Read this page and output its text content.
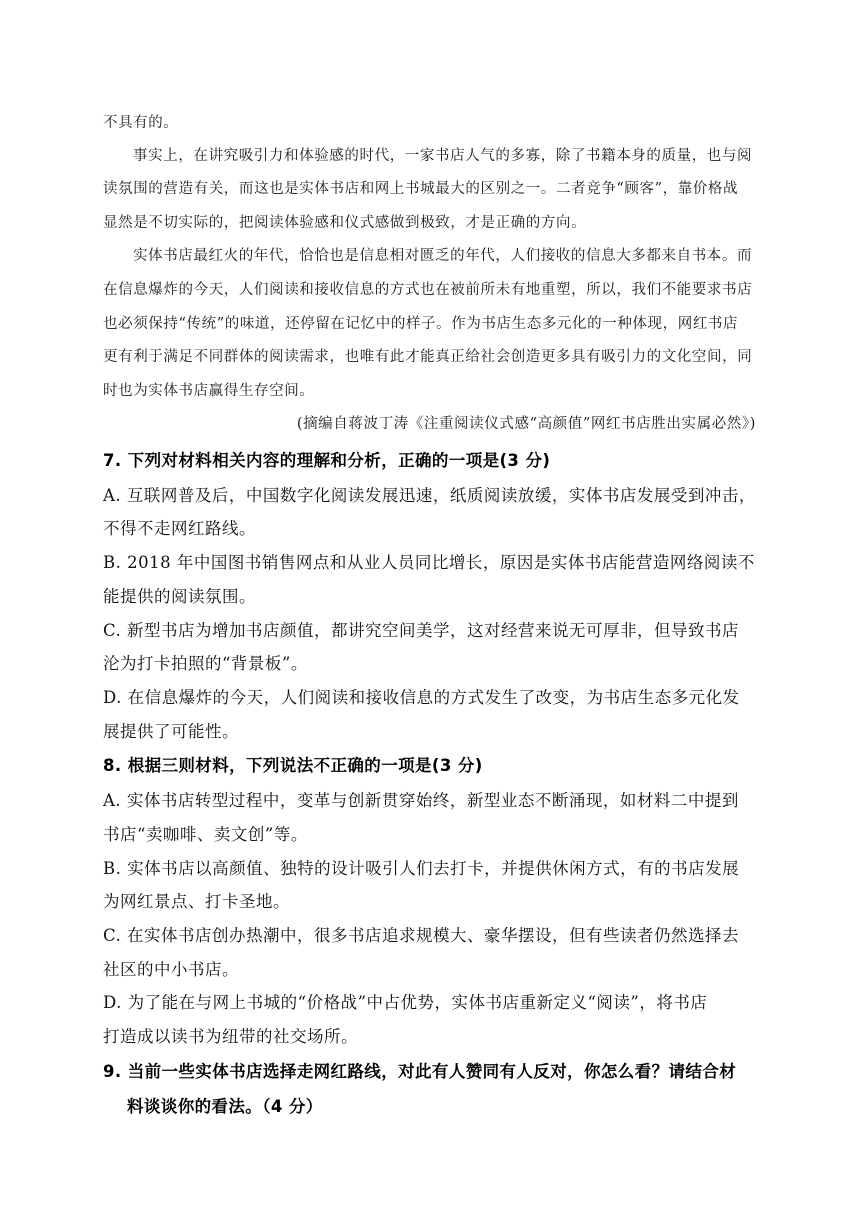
不具有的。
事实上，在讲究吸引力和体验感的时代，一家书店人气的多寡，除了书籍本身的质量，也与阅
读氛围的营造有关，而这也是实体书店和网上书城最大的区别之一。二者竞争“顾客”，靠价格战
显然是不切实际的，把阅读体验感和仪式感做到极致，才是正确的方向。
实体书店最红火的年代，恰恰也是信息相对匮乏的年代，人们接收的信息大多都来自书本。而
在信息爆炸的今天，人们阅读和接收信息的方式也在被前所未有地重塑，所以，我们不能要求书店
也必须保持“传统”的味道，还停留在记忆中的样子。作为书店生态多元化的一种体现，网红书店
更有利于满足不同群体的阅读需求，也唯有此才能真正给社会创造更多具有吸引力的文化空间，同
时也为实体书店赢得生存空间。
(摘编自蒋波丁涛《注重阅读仪式感“高颜值”网红书店胜出实属必然》)
7. 下列对材料相关内容的理解和分析，正确的一项是(3 分)
A. 互联网普及后，中国数字化阅读发展迅速，纸质阅读放缓，实体书店发展受到冲击，
不得不走网红路线。
B. 2018 年中国图书销售网点和从业人员同比增长，原因是实体书店能营造网络阅读不
能提供的阅读氛围。
C. 新型书店为增加书店颜值，都讲究空间美学，这对经营来说无可厚非，但导致书店
沦为打卡拍照的“背景板”。
D. 在信息爆炸的今天，人们阅读和接收信息的方式发生了改变，为书店生态多元化发
展提供了可能性。
8. 根据三则材料，下列说法不正确的一项是(3 分)
A. 实体书店转型过程中，变革与创新贯穿始终，新型业态不断涌现，如材料二中提到
书店“卖咖啡、卖文创”等。
B. 实体书店以高颜值、独特的设计吸引人们去打卡，并提供休闲方式，有的书店发展
为网红景点、打卡圣地。
C. 在实体书店创办热潮中，很多书店追求规模大、豪华摆设，但有些读者仍然选择去
社区的中小书店。
D. 为了能在与网上书城的“价格战”中占优势，实体书店重新定义“阅读”，将书店
打造成以读书为纽带的社交场所。
9. 当前一些实体书店选择走网红路线，对此有人赞同有人反对，你怎么看？请结合材
料谈谈你的看法。（4 分）
